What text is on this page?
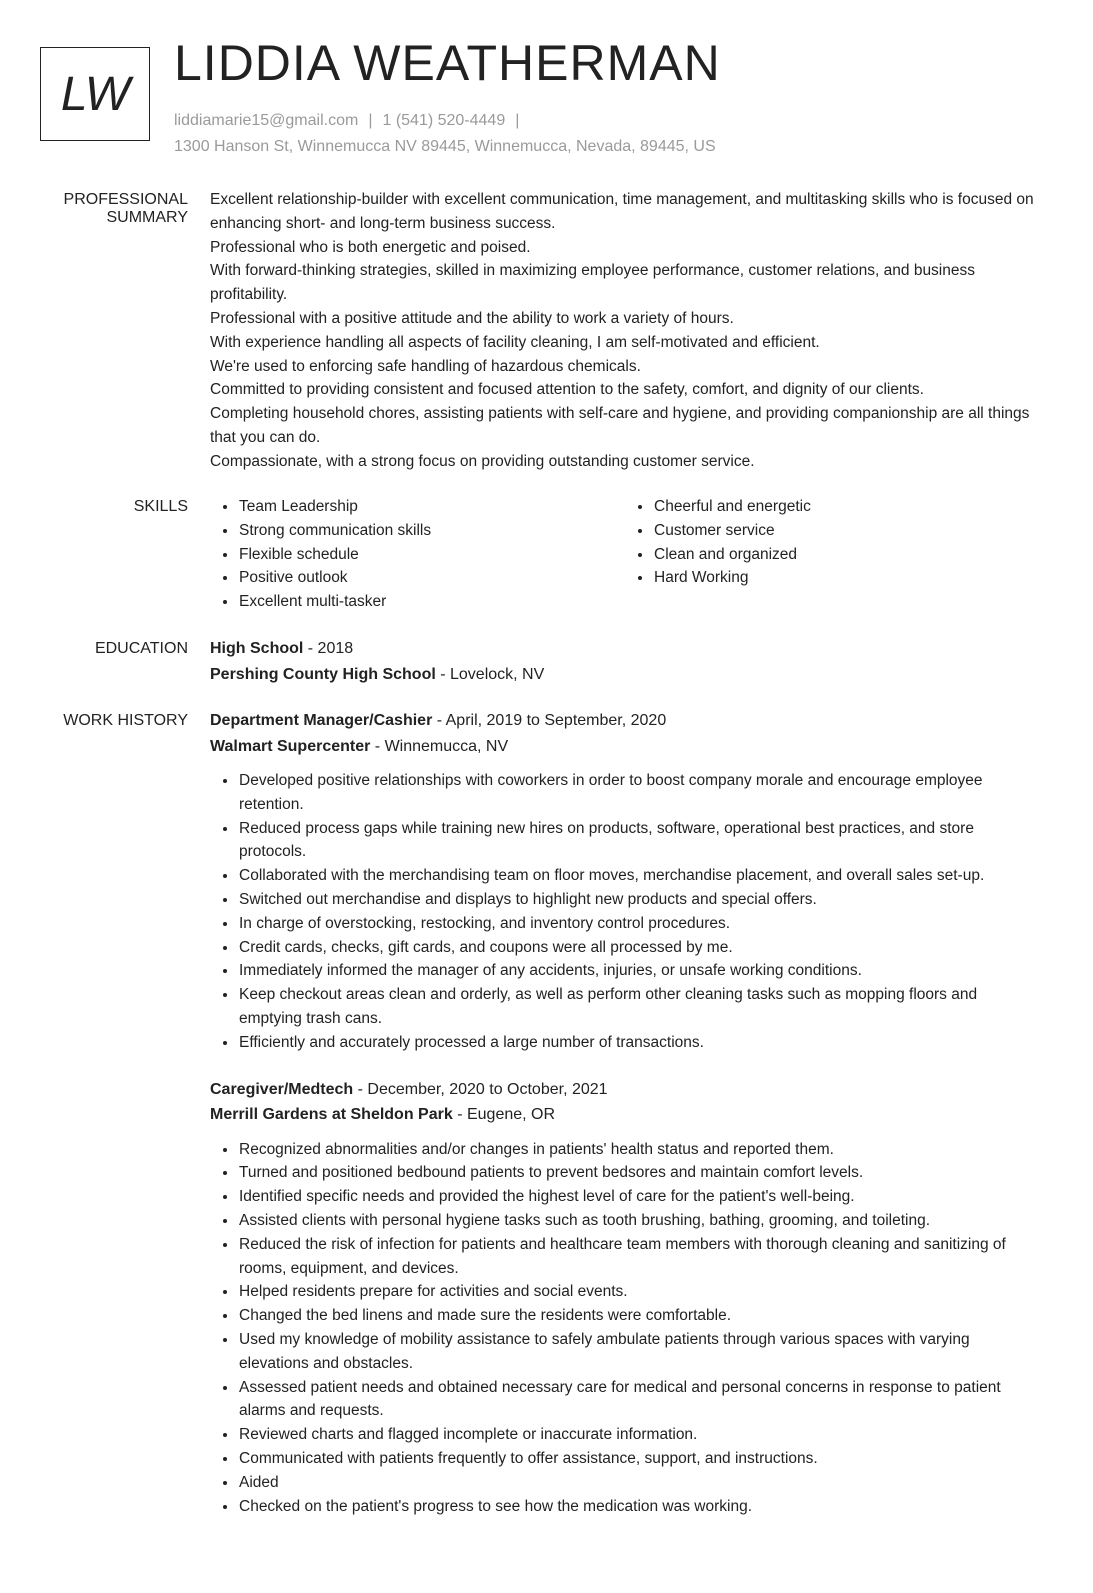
LW
LIDDIA WEATHERMAN
liddiamarie15@gmail.com | 1 (541) 520-4449 |
1300 Hanson St, Winnemucca NV 89445, Winnemucca, Nevada, 89445, US
PROFESSIONAL
SUMMARY

Excellent relationship-builder with excellent communication, time management, and multitasking skills who is focused on enhancing short- and long-term business success.

Professional who is both energetic and poised.

With forward-thinking strategies, skilled in maximizing employee performance, customer relations, and business profitability.

Professional with a positive attitude and the ability to work a variety of hours.

With experience handling all aspects of facility cleaning, I am self-motivated and efficient.

We're used to enforcing safe handling of hazardous chemicals.

Committed to providing consistent and focused attention to the safety, comfort, and dignity of our clients.

Completing household chores, assisting patients with self-care and hygiene, and providing companionship are all things that you can do.

Compassionate, with a strong focus on providing outstanding customer service.

SKILLS
•	Team Leadership
• Strong communication skills
• Flexible schedule
• Positive outlook
• Excellent multi-tasker
• Cheerful and energetic
• Customer service
• Clean and organized
• Hard Working
EDUCATION High School - 2018
Pershing County High School - Lovelock, NV
WORK HISTORY Department Manager/Cashier - April, 2019 to September, 2020
Walmart Supercenter - Winnemucca, NV
• Developed positive relationships with coworkers in order to boost company morale and encourage employee retention.
• Reduced process gaps while training new hires on products, software, operational best practices, and store protocols.
• Collaborated with the merchandising team on floor moves, merchandise placement, and overall sales set-up.
• Switched out merchandise and displays to highlight new products and special offers.
• In charge of overstocking, restocking, and inventory control procedures.
• Credit cards, checks, gift cards, and coupons were all processed by me.
• Immediately informed the manager of any accidents, injuries, or unsafe working conditions.
• Keep checkout areas clean and orderly, as well as perform other cleaning tasks such as mopping floors and emptying trash cans.
• Efficiently and accurately processed a large number of transactions.
Caregiver/Medtech - December, 2020 to October, 2021
Merrill Gardens at Sheldon Park - Eugene, OR
• Recognized abnormalities and/or changes in patients' health status and reported them.
• Turned and positioned bedbound patients to prevent bedsores and maintain comfort levels.
• Identified specific needs and provided the highest level of care for the patient's well-being.
• Assisted clients with personal hygiene tasks such as tooth brushing, bathing, grooming, and toileting.
• Reduced the risk of infection for patients and healthcare team members with thorough cleaning and sanitizing of rooms, equipment, and devices.
• Helped residents prepare for activities and social events.
• Changed the bed linens and made sure the residents were comfortable.
• Used my knowledge of mobility assistance to safely ambulate patients through various spaces with varying elevations and obstacles.
• Assessed patient needs and obtained necessary care for medical and personal concerns in response to patient alarms and requests.
• Reviewed charts and flagged incomplete or inaccurate information.
• Communicated with patients frequently to offer assistance, support, and instructions.
• Aided
• Checked on the patient's progress to see how the medication was working.
